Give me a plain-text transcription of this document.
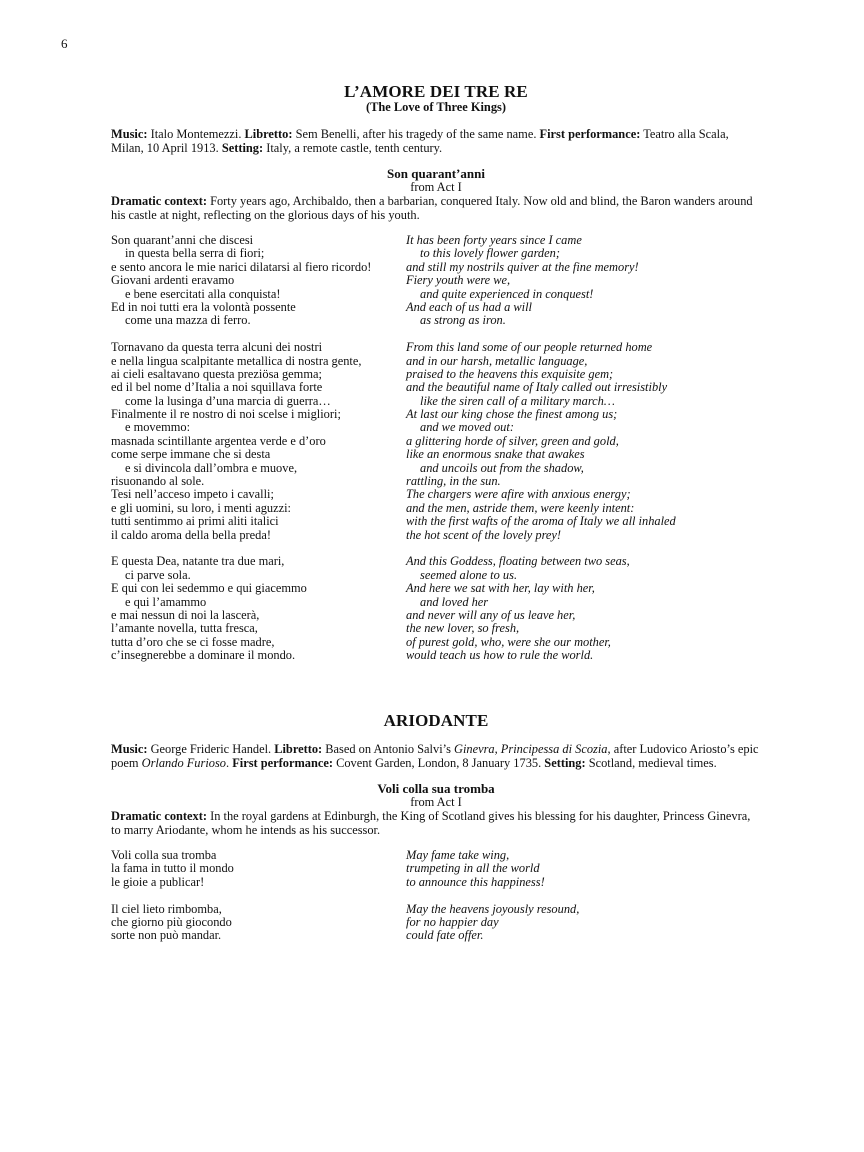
6
L’AMORE DEI TRE RE
(The Love of Three Kings)
Music: Italo Montemezzi. Libretto: Sem Benelli, after his tragedy of the same name. First performance: Teatro alla Scala, Milan, 10 April 1913. Setting: Italy, a remote castle, tenth century.
Son quarant’anni
from Act I
Dramatic context: Forty years ago, Archibaldo, then a barbarian, conquered Italy. Now old and blind, the Baron wanders around his castle at night, reflecting on the glorious days of his youth.
Son quarant’anni che discesi
in questa bella serra di fiori;
e sento ancora le mie narici dilatarsi al fiero ricordo!
Giovani ardenti eravamo
e bene esercitati alla conquista!
Ed in noi tutti era la volontà possente
come una mazza di ferro.
It has been forty years since I came
to this lovely flower garden;
and still my nostrils quiver at the fine memory!
Fiery youth were we,
and quite experienced in conquest!
And each of us had a will
as strong as iron.
Tornavano da questa terra alcuni dei nostri
e nella lingua scalpitante metallica di nostra gente,
ai cieli esaltavano questa preziösa gemma;
ed il bel nome d’Italia a noi squillava forte
come la lusinga d’una marcia di guerra…
Finalmente il re nostro di noi scelse i migliori;
e movemmo:
masnada scintillante argentea verde e d’oro
come serpe immane che si desta
e si divincola dall’ombra e muove,
risuonando al sole.
Tesi nell’acceso impeto i cavalli;
e gli uomini, su loro, i menti aguzzi:
tutti sentimmo ai primi aliti italici
il caldo aroma della bella preda!
From this land some of our people returned home
and in our harsh, metallic language,
praised to the heavens this exquisite gem;
and the beautiful name of Italy called out irresistibly
like the siren call of a military march…
At last our king chose the finest among us;
and we moved out:
a glittering horde of silver, green and gold,
like an enormous snake that awakes
and uncoils out from the shadow,
rattling, in the sun.
The chargers were afire with anxious energy;
and the men, astride them, were keenly intent:
with the first wafts of the aroma of Italy we all inhaled
the hot scent of the lovely prey!
E questa Dea, natante tra due mari,
ci parve sola.
E qui con lei sedemmo e qui giacemmo
e qui l’amammo
e mai nessun di noi la lascerà,
l’amante novella, tutta fresca,
tutta d’oro che se ci fosse madre,
c’insegnerebbe a dominare il mondo.
And this Goddess, floating between two seas,
seemed alone to us.
And here we sat with her, lay with her,
and loved her
and never will any of us leave her,
the new lover, so fresh,
of purest gold, who, were she our mother,
would teach us how to rule the world.
ARIODANTE
Music: George Frideric Handel. Libretto: Based on Antonio Salvi’s Ginevra, Principessa di Scozia, after Ludovico Ariosto’s epic poem Orlando Furioso. First performance: Covent Garden, London, 8 January 1735. Setting: Scotland, medieval times.
Voli colla sua tromba
from Act I
Dramatic context: In the royal gardens at Edinburgh, the King of Scotland gives his blessing for his daughter, Princess Ginevra, to marry Ariodante, whom he intends as his successor.
Voli colla sua tromba
la fama in tutto il mondo
le gioie a publicar!
May fame take wing,
trumpeting in all the world
to announce this happiness!
Il ciel lieto rimbomba,
che giorno più giocondo
sorte non può mandar.
May the heavens joyously resound,
for no happier day
could fate offer.
